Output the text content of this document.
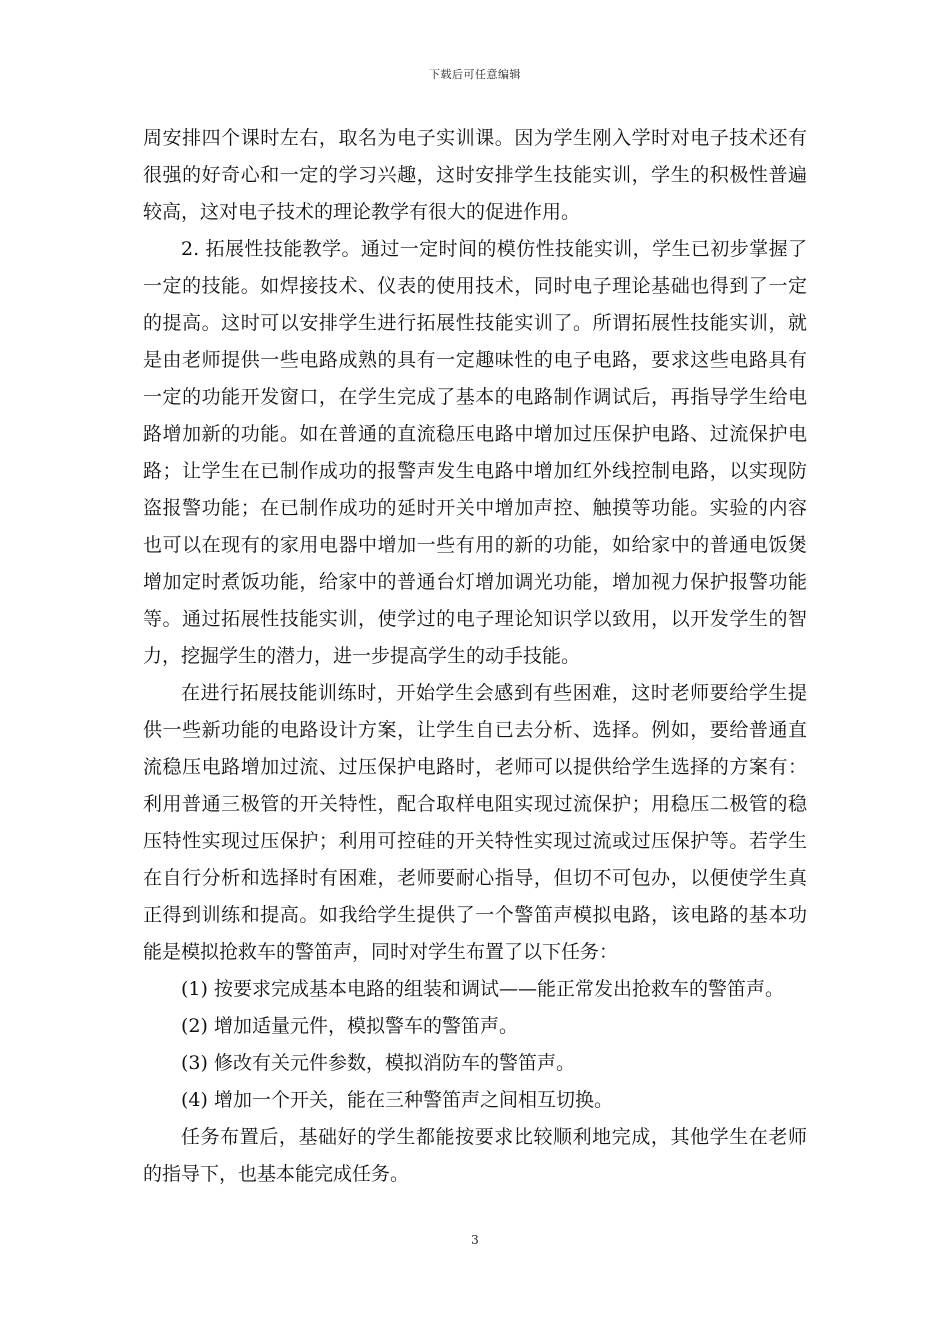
下载后可任意编辑
周安排四个课时左右，取名为电子实训课。因为学生刚入学时对电子技术还有
很强的好奇心和一定的学习兴趣，这时安排学生技能实训，学生的积极性普遍
较高，这对电子技术的理论教学有很大的促进作用。
2. 拓展性技能教学。通过一定时间的模仿性技能实训，学生已初步掌握了
一定的技能。如焊接技术、仪表的使用技术，同时电子理论基础也得到了一定
的提高。这时可以安排学生进行拓展性技能实训了。所谓拓展性技能实训，就
是由老师提供一些电路成熟的具有一定趣味性的电子电路，要求这些电路具有
一定的功能开发窗口，在学生完成了基本的电路制作调试后，再指导学生给电
路增加新的功能。如在普通的直流稳压电路中增加过压保护电路、过流保护电
路；让学生在已制作成功的报警声发生电路中增加红外线控制电路，以实现防
盗报警功能；在已制作成功的延时开关中增加声控、触摸等功能。实验的内容
也可以在现有的家用电器中增加一些有用的新的功能，如给家中的普通电饭煲
增加定时煮饭功能，给家中的普通台灯增加调光功能，增加视力保护报警功能
等。通过拓展性技能实训，使学过的电子理论知识学以致用，以开发学生的智
力，挖掘学生的潜力，进一步提高学生的动手技能。
在进行拓展技能训练时，开始学生会感到有些困难，这时老师要给学生提
供一些新功能的电路设计方案，让学生自已去分析、选择。例如，要给普通直
流稳压电路增加过流、过压保护电路时，老师可以提供给学生选择的方案有：
利用普通三极管的开关特性，配合取样电阻实现过流保护；用稳压二极管的稳
压特性实现过压保护；利用可控硅的开关特性实现过流或过压保护等。若学生
在自行分析和选择时有困难，老师要耐心指导，但切不可包办，以便使学生真
正得到训练和提高。如我给学生提供了一个警笛声模拟电路，该电路的基本功
能是模拟抢救车的警笛声，同时对学生布置了以下任务：
(1) 按要求完成基本电路的组装和调试——能正常发出抢救车的警笛声。
(2) 增加适量元件，模拟警车的警笛声。
(3) 修改有关元件参数，模拟消防车的警笛声。
(4) 增加一个开关，能在三种警笛声之间相互切换。
任务布置后，基础好的学生都能按要求比较顺利地完成，其他学生在老师
的指导下，也基本能完成任务。
3
